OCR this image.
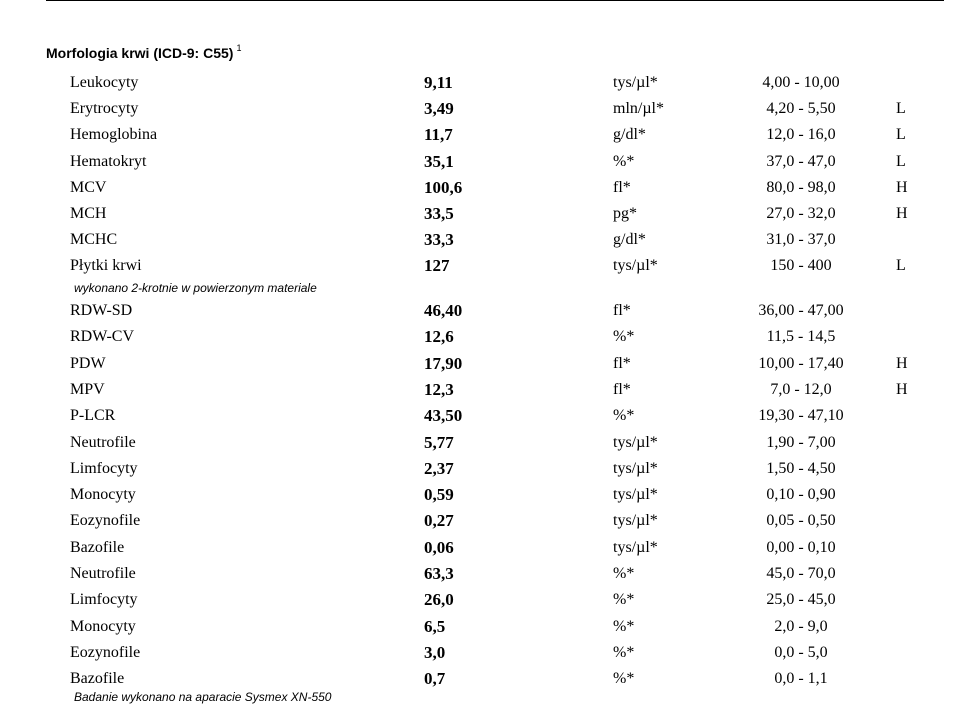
Morfologia krwi (ICD-9: C55) $^1$
Leukocyty	9,11	tys/µl*	4,00 - 10,00
Erytrocyty	3,49	mln/µl*	4,20 - 5,50	L
Hemoglobina	11,7	g/dl*	12,0 - 16,0	L
Hematokryt	35,1	%*	37,0 - 47,0	L
MCV	100,6	fl*	80,0 - 98,0	H
MCH	33,5	pg*	27,0 - 32,0	H
MCHC	33,3	g/dl*	31,0 - 37,0
Płytki krwi	127	tys/µl*	150 - 400	L
RDW-SD	46,40	fl*	36,00 - 47,00
RDW-CV	12,6	%*	11,5 - 14,5
PDW	17,90	fl*	10,00 - 17,40	H
MPV	12,3	fl*	7,0 - 12,0	H
P-LCR	43,50	%*	19,30 - 47,10
Neutrofile	5,77	tys/µl*	1,90 - 7,00
Limfocyty	2,37	tys/µl*	1,50 - 4,50
Monocyty	0,59	tys/µl*	0,10 - 0,90
Eozynofile	0,27	tys/µl*	0,05 - 0,50
Bazofile	0,06	tys/µl*	0,00 - 0,10
Neutrofile	63,3	%*	45,0 - 70,0
Limfocyty	26,0	%*	25,0 - 45,0
Monocyty	6,5	%*	2,0 - 9,0
Eozynofile	3,0	%*	0,0 - 5,0
Bazofile	0,7	%*	0,0 - 1,1
wykonano 2-krotnie w powierzonym materiale
Badanie wykonano na aparacie Sysmex XN-550
